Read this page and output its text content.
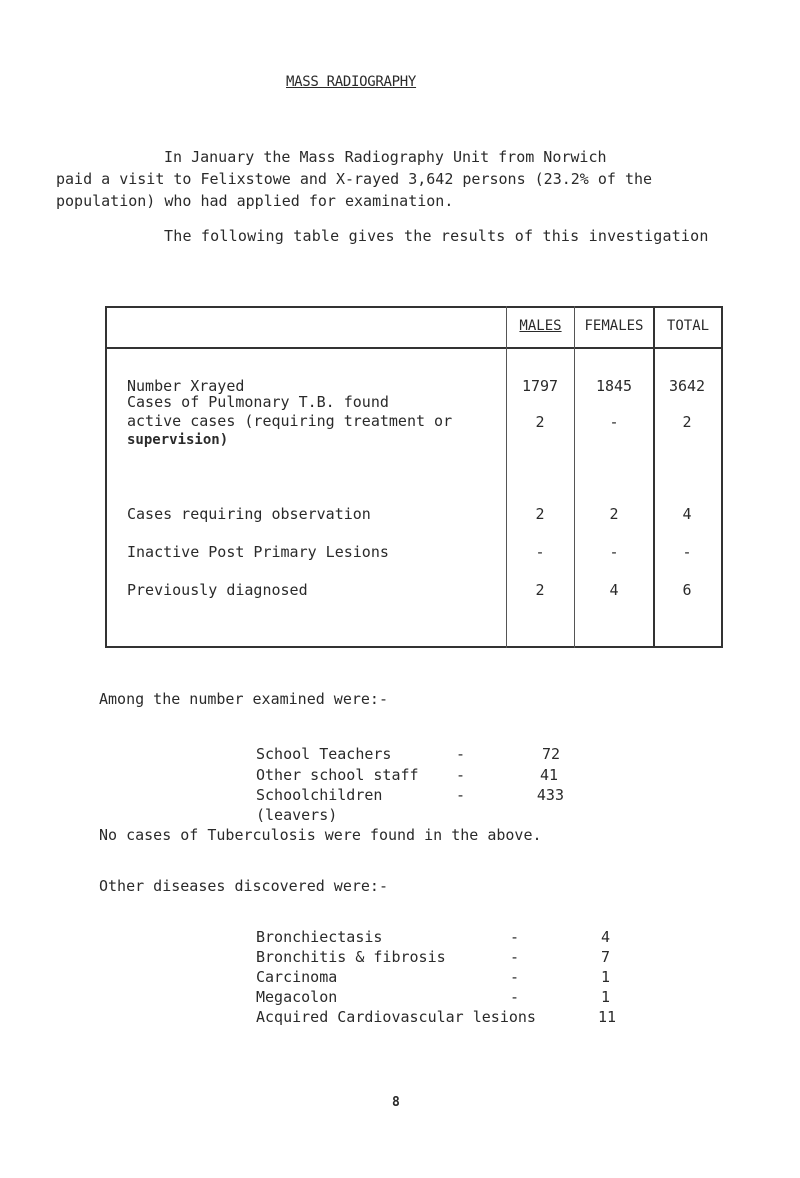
MASS RADIOGRAPHY

In January the Mass Radiography Unit from Norwich

paid a visit to Felixstowe and X-rayed 3,642 persons (23.2% of the
population) who had applied for examination.
The following table gives the results of this investigation
MALES	FEMALES	TOTAL
Number Xrayed	1797	1845	3642
Cases of Pulmonary T.B. found
active cases (requiring treatment or
supervision)
2	-	2
Cases requiring observation	2	2	4
Inactive Post Primary Lesions	-	-	-
Previously diagnosed	2	4	6
Among the number examined were:-
School Teachers	-	72
Other school staff -	41
Schoolchildren	-	433
(leavers)
No cases of Tuberculosis were found in the above.
Other diseases discovered were:-
Bronchiectasis	-	4
Bronchitis & fibrosis	-	7
Carcinoma	-	1
Megacolon	-	1
Acquired Cardiovascular lesions	11
8
